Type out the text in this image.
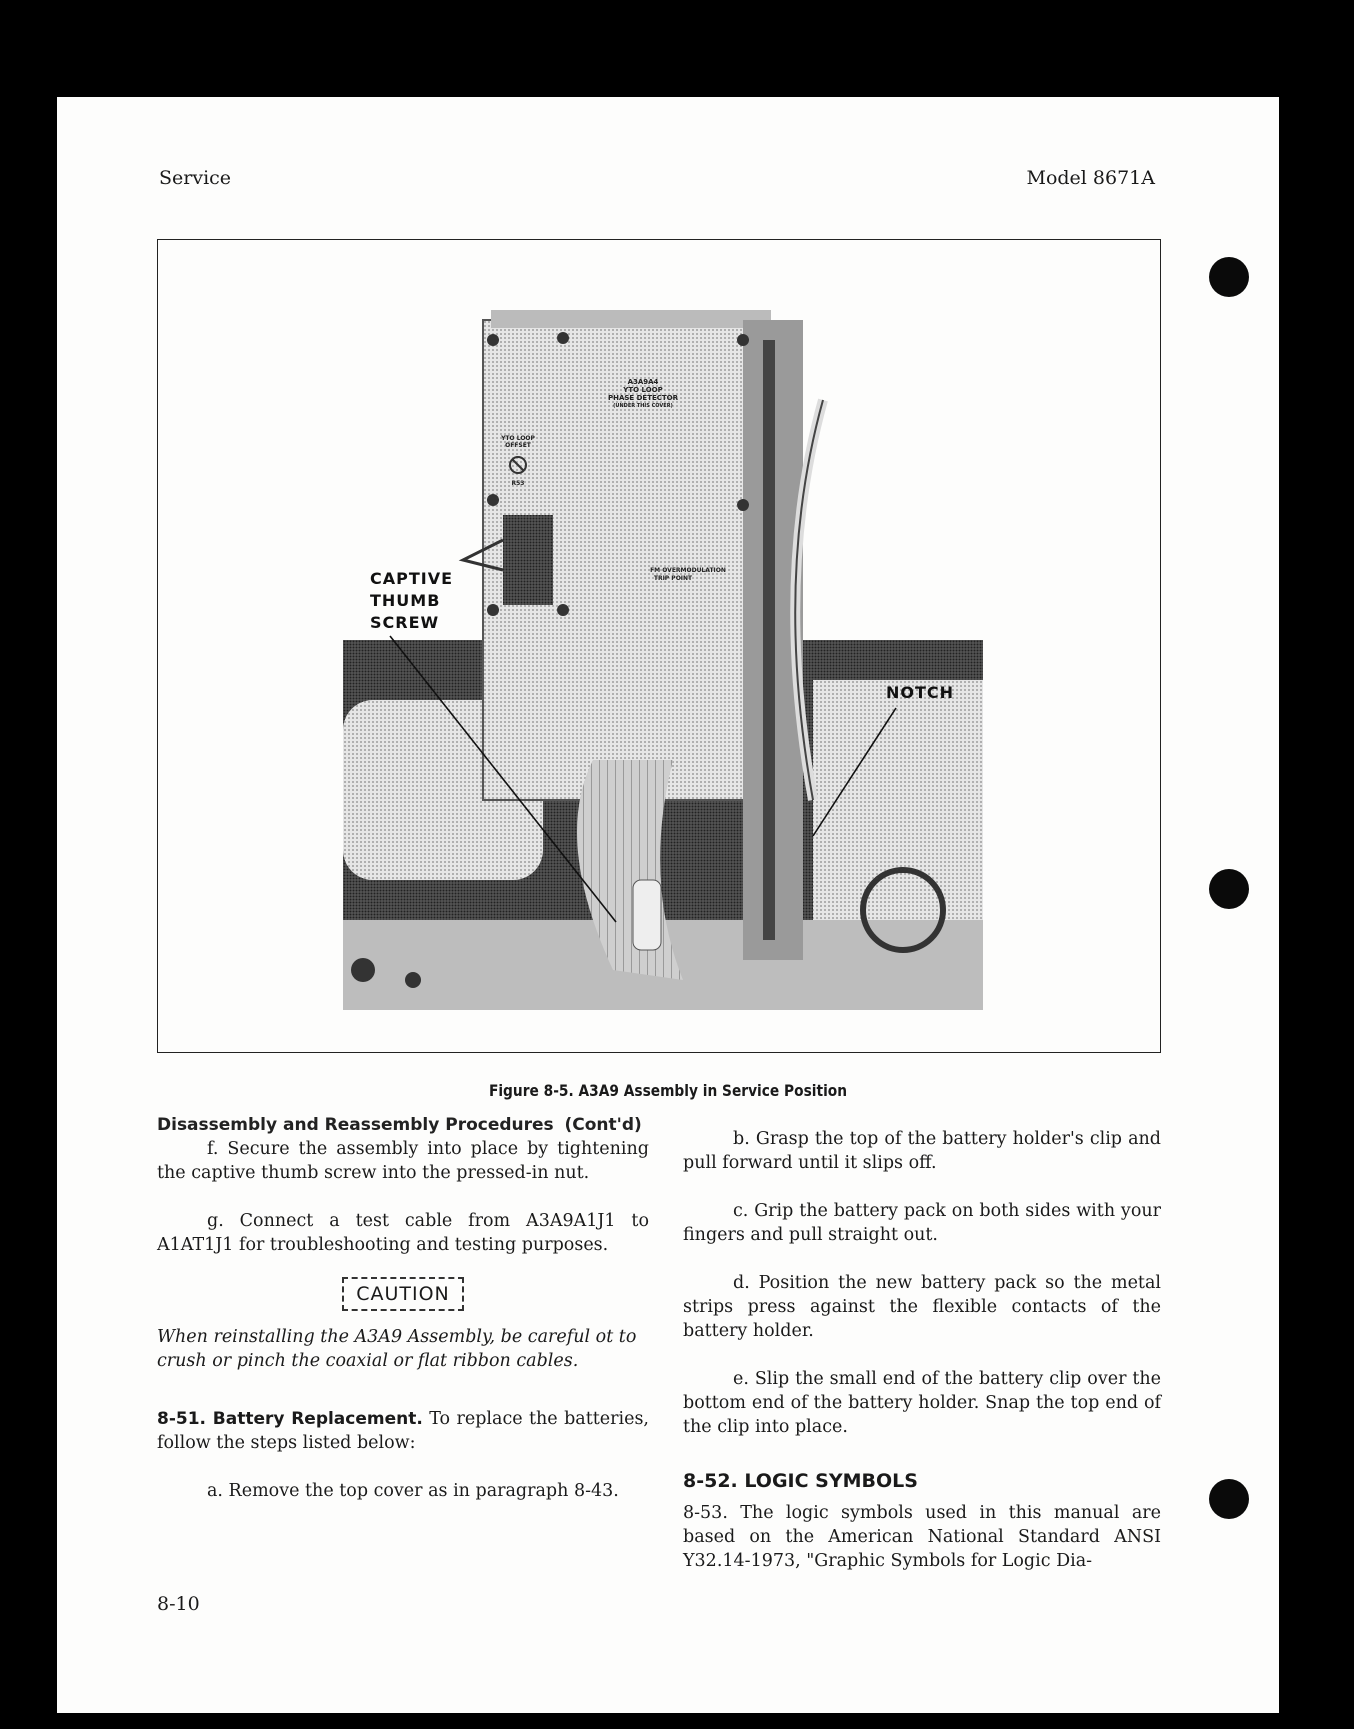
Service	Model 8671A
A3A9A4
YTO LOOP
PHASE DETECTOR
(UNDER THIS COVER)
YTO LOOP
OFFSET
R53
FM OVERMODULATION
TRIP POINT
CAPTIVE
THUMB
SCREW
NOTCH
Figure 8-5. A3A9 Assembly in Service Position

Disassembly and Reassembly Procedures (Cont'd)

f. Secure the assembly into place by tightening the captive thumb screw into the pressed-in nut.

g. Connect a test cable from A3A9A1J1 to A1AT1J1 for troubleshooting and testing purposes.

CAUTION

When reinstalling the A3A9 Assembly, be careful ot to crush or pinch the coaxial or flat ribbon cables.

8-51. Battery Replacement. To replace the batteries, follow the steps listed below:

a. Remove the top cover as in paragraph 8-43.

b. Grasp the top of the battery holder's clip and pull forward until it slips off.

c. Grip the battery pack on both sides with your fingers and pull straight out.

d. Position the new battery pack so the metal strips press against the flexible contacts of the battery holder.

e. Slip the small end of the battery clip over the bottom end of the battery holder. Snap the top end of the clip into place.

8-52. LOGIC SYMBOLS

8-53. The logic symbols used in this manual are based on the American National Standard ANSI Y32.14-1973, "Graphic Symbols for Logic Dia-

8-10
